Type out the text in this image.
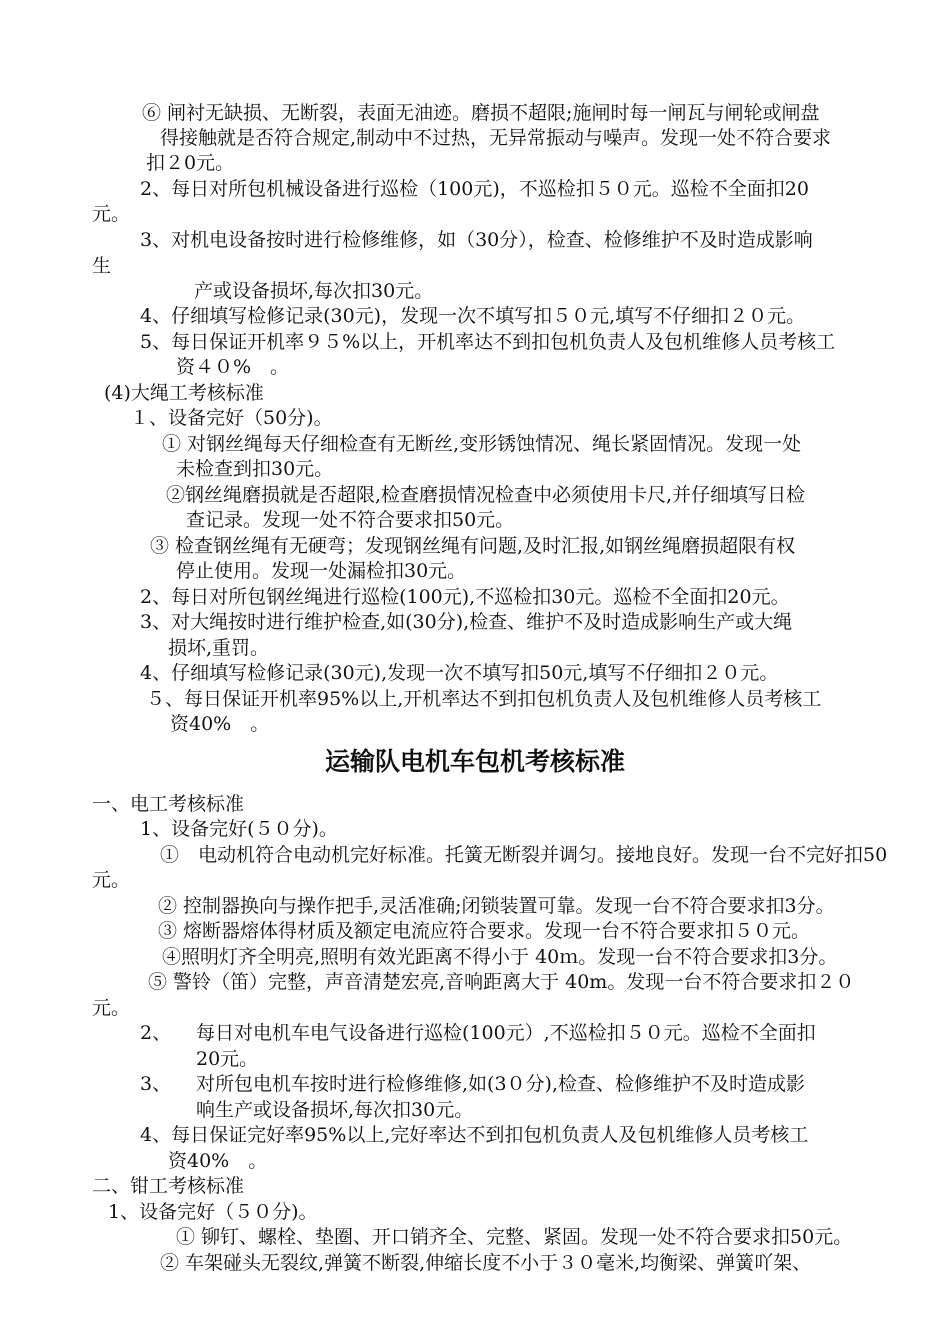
⑥ 闸衬无缺损、无断裂，表面无油迹。磨损不超限;施闸时每一闸瓦与闸轮或闸盘

得接触就是否符合规定,制动中不过热，无异常振动与噪声。发现一处不符合要求

扣２0元。

2、每日对所包机械设备进行巡检（100元)，不巡检扣５０元。巡检不全面扣20

元。

3、对机电设备按时进行检修维修，如（30分），检查、检修维护不及时造成影响

生

产或设备损坏,每次扣30元。

4、仔细填写检修记录(30元)，发现一次不填写扣５０元,填写不仔细扣２０元。

5、每日保证开机率９５%以上，开机率达不到扣包机负责人及包机维修人员考核工

资４０%　。

(4)大绳工考核标准

１、设备完好（50分)。

① 对钢丝绳每天仔细检查有无断丝,变形锈蚀情况、绳长紧固情况。发现一处

未检查到扣30元。

②钢丝绳磨损就是否超限,检查磨损情况检查中必须使用卡尺,并仔细填写日检

查记录。发现一处不符合要求扣50元。

③ 检查钢丝绳有无硬弯；发现钢丝绳有问题,及时汇报,如钢丝绳磨损超限有权

停止使用。发现一处漏检扣30元。

2、每日对所包钢丝绳进行巡检(100元),不巡检扣30元。巡检不全面扣20元。

3、对大绳按时进行维护检查,如(30分),检查、维护不及时造成影响生产或大绳

损坏,重罚。

4、仔细填写检修记录(30元),发现一次不填写扣50元,填写不仔细扣２０元。

５、每日保证开机率95%以上,开机率达不到扣包机负责人及包机维修人员考核工

资40%　。

运输队电机车包机考核标准

一、电工考核标准

1、设备完好(５０分)。

①　电动机符合电动机完好标准。托簧无断裂并调匀。接地良好。发现一台不完好扣50

元。

② 控制器换向与操作把手,灵活准确;闭锁装置可靠。发现一台不符合要求扣3分。

③ 熔断器熔体得材质及额定电流应符合要求。发现一台不符合要求扣５０元。

④照明灯齐全明亮,照明有效光距离不得小于 40ｍ。发现一台不符合要求扣3分。

⑤ 警铃（笛）完整，声音清楚宏亮,音响距离大于 40m。发现一台不符合要求扣２０

元。

2、 每日对电机车电气设备进行巡检(100元）,不巡检扣５０元。巡检不全面扣

20元。

3、 对所包电机车按时进行检修维修,如(3０分),检查、检修维护不及时造成影

响生产或设备损坏,每次扣30元。

4、每日保证完好率95%以上,完好率达不到扣包机负责人及包机维修人员考核工

资40%　。

二、钳工考核标准

1、设备完好（５０分)。

① 铆钉、螺栓、垫圈、开口销齐全、完整、紧固。发现一处不符合要求扣50元。

② 车架碰头无裂纹,弹簧不断裂,伸缩长度不小于３０毫米,均衡梁、弹簧吖架、
